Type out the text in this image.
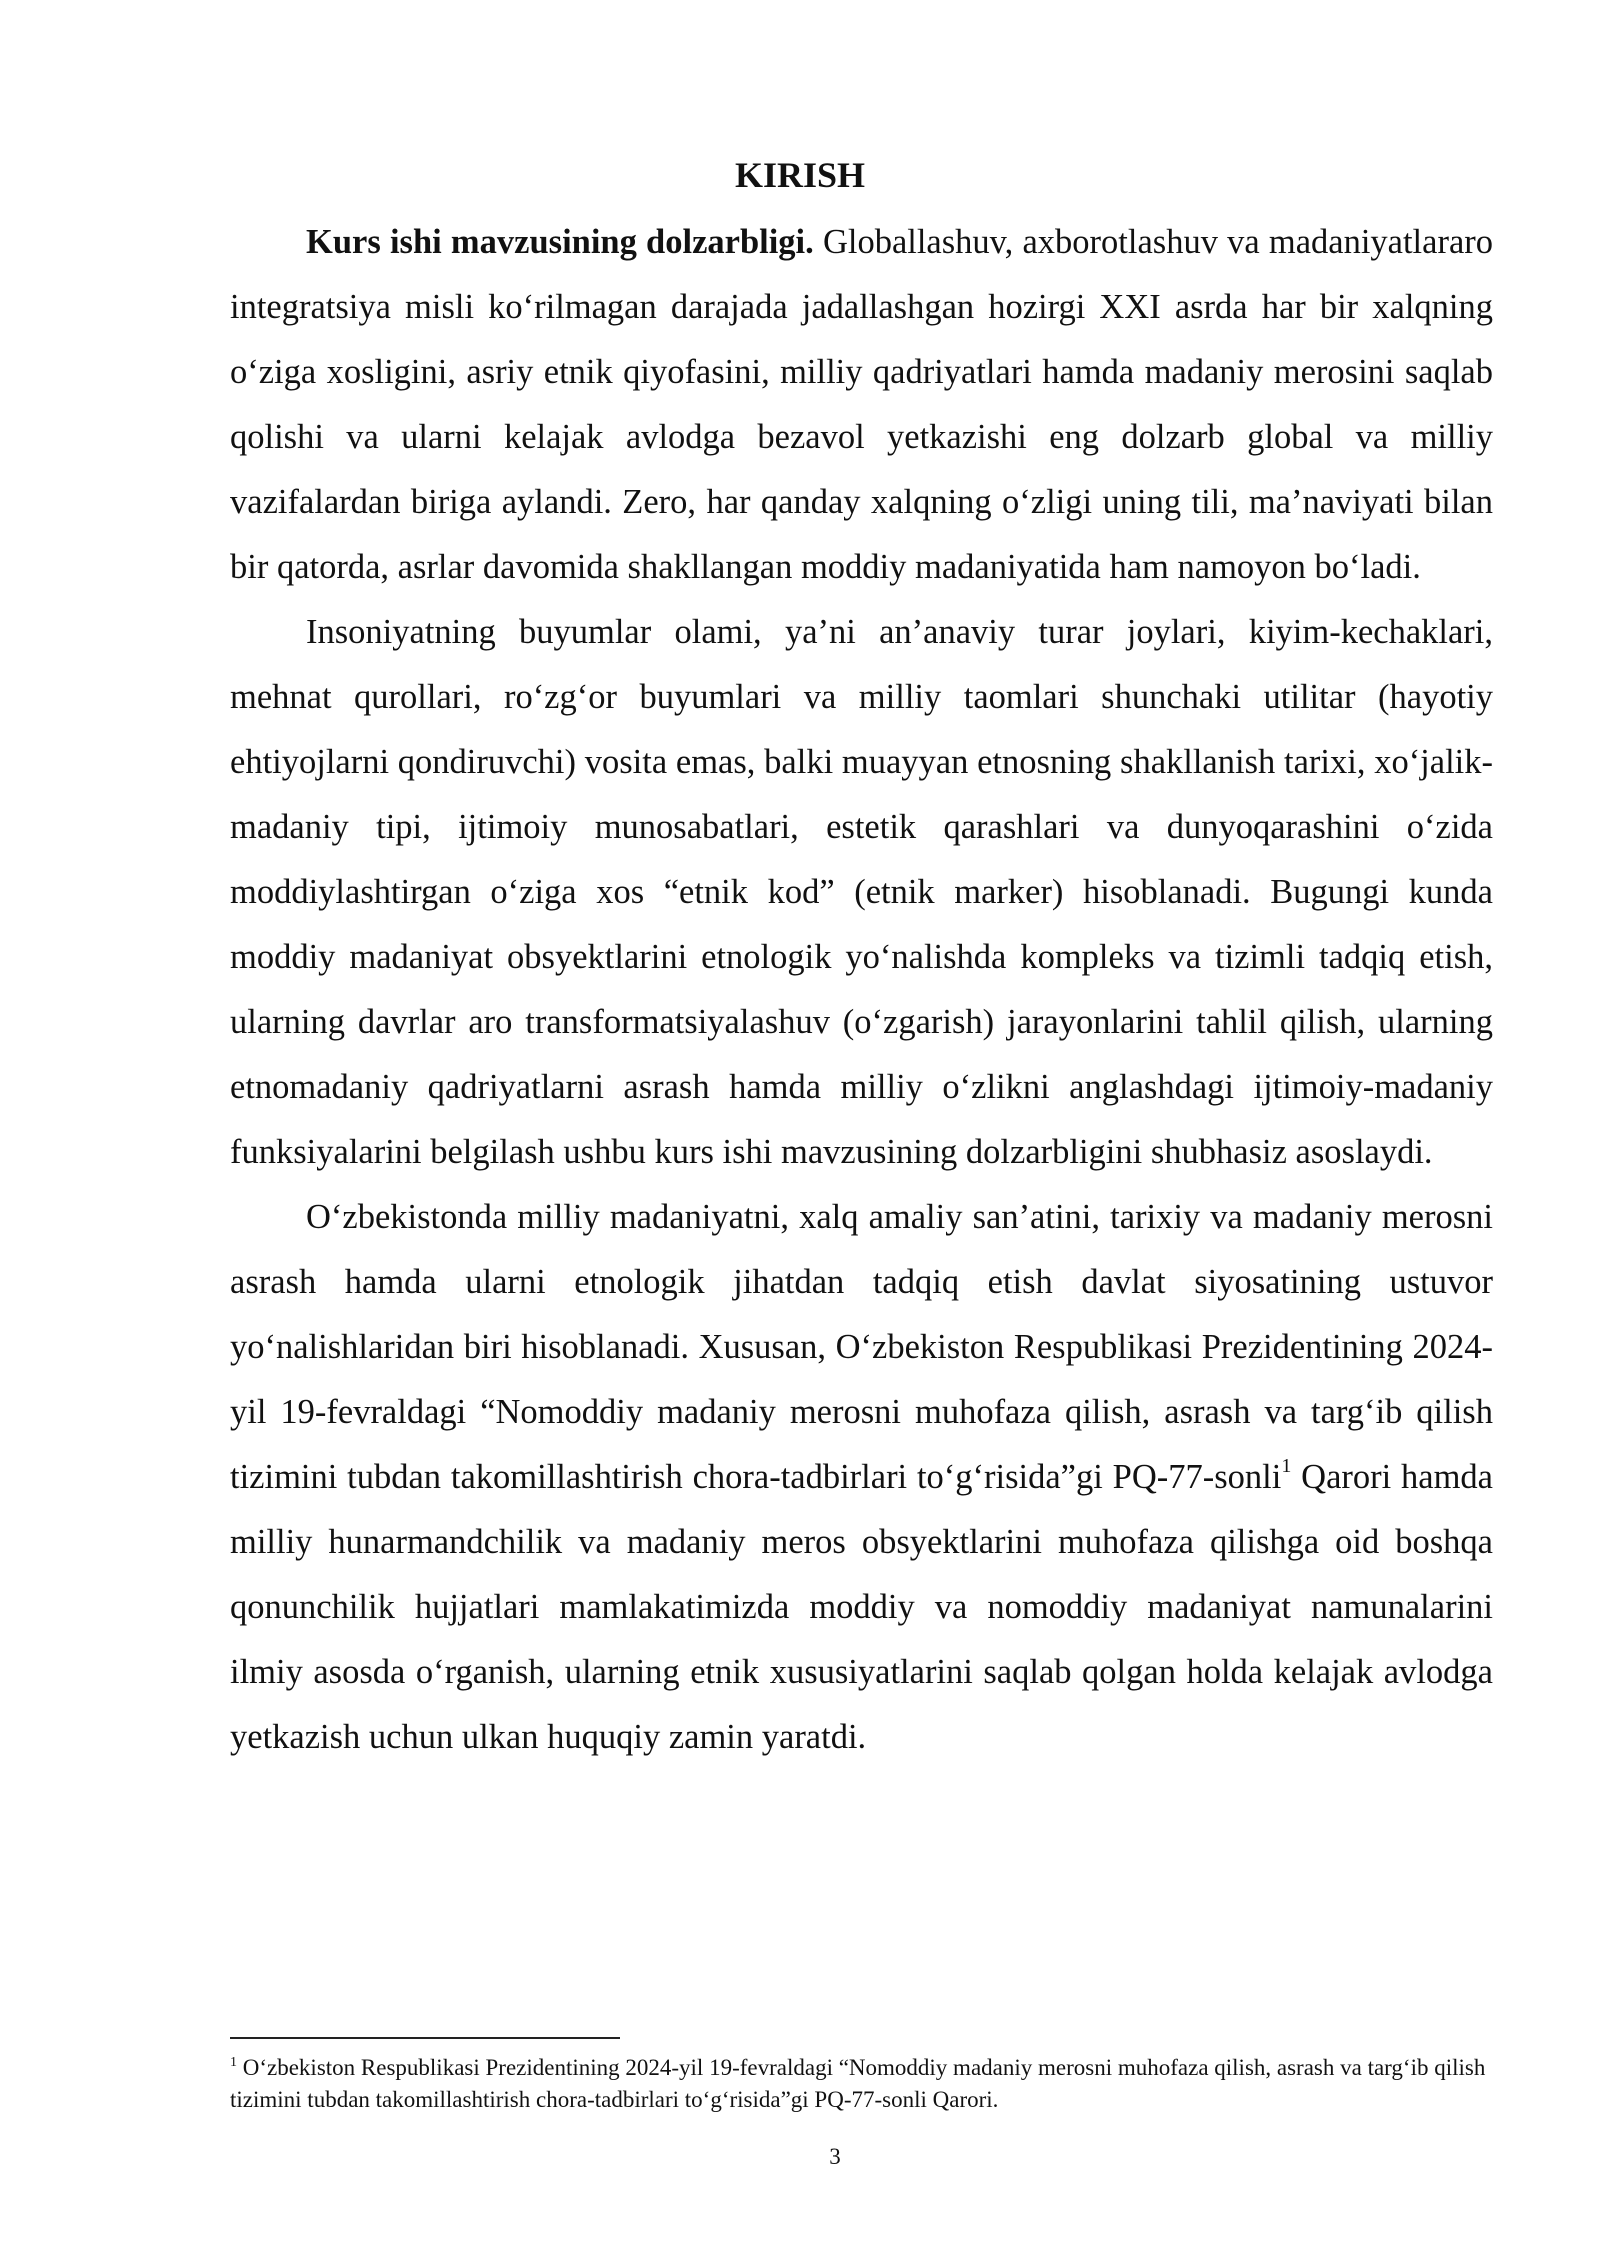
KIRISH

Kurs ishi mavzusining dolzarbligi. Globallashuv, axborotlashuv va madaniyatlararo integratsiya misli ko‘rilmagan darajada jadallashgan hozirgi XXI asrda har bir xalqning o‘ziga xosligini, asriy etnik qiyofasini, milliy qadriyatlari hamda madaniy merosini saqlab qolishi va ularni kelajak avlodga bezavol yetkazishi eng dolzarb global va milliy vazifalardan biriga aylandi. Zero, har qanday xalqning o‘zligi uning tili, ma’naviyati bilan bir qatorda, asrlar davomida shakllangan moddiy madaniyatida ham namoyon bo‘ladi.

Insoniyatning buyumlar olami, ya’ni an’anaviy turar joylari, kiyim-kechaklari, mehnat qurollari, ro‘zg‘or buyumlari va milliy taomlari shunchaki utilitar (hayotiy ehtiyojlarni qondiruvchi) vosita emas, balki muayyan etnosning shakllanish tarixi, xo‘jalik-madaniy tipi, ijtimoiy munosabatlari, estetik qarashlari va dunyoqarashini o‘zida moddiylashtirgan o‘ziga xos “etnik kod” (etnik marker) hisoblanadi. Bugungi kunda moddiy madaniyat obsyektlarini etnologik yo‘nalishda kompleks va tizimli tadqiq etish, ularning davrlar aro transformatsiyalashuv (o‘zgarish) jarayonlarini tahlil qilish, ularning etnomadaniy qadriyatlarni asrash hamda milliy o‘zlikni anglashdagi ijtimoiy-madaniy funksiyalarini belgilash ushbu kurs ishi mavzusining dolzarbligini shubhasiz asoslaydi.

O‘zbekistonda milliy madaniyatni, xalq amaliy san’atini, tarixiy va madaniy merosni asrash hamda ularni etnologik jihatdan tadqiq etish davlat siyosatining ustuvor yo‘nalishlaridan biri hisoblanadi. Xususan, O‘zbekiston Respublikasi Prezidentining 2024-yil 19-fevraldagi “Nomoddiy madaniy merosni muhofaza qilish, asrash va targ‘ib qilish tizimini tubdan takomillashtirish chora-tadbirlari to‘g‘risida”gi PQ-77-sonli$^1$ Qarori hamda milliy hunarmandchilik va madaniy meros obsyektlarini muhofaza qilishga oid boshqa qonunchilik hujjatlari mamlakatimizda moddiy va nomoddiy madaniyat namunalarini ilmiy asosda o‘rganish, ularning etnik xususiyatlarini saqlab qolgan holda kelajak avlodga yetkazish uchun ulkan huquqiy zamin yaratdi.

$^1$ O‘zbekiston Respublikasi Prezidentining 2024-yil 19-fevraldagi “Nomoddiy madaniy merosni muhofaza qilish, asrash va targ‘ib qilish tizimini tubdan takomillashtirish chora-tadbirlari to‘g‘risida”gi PQ-77-sonli Qarori.
3
